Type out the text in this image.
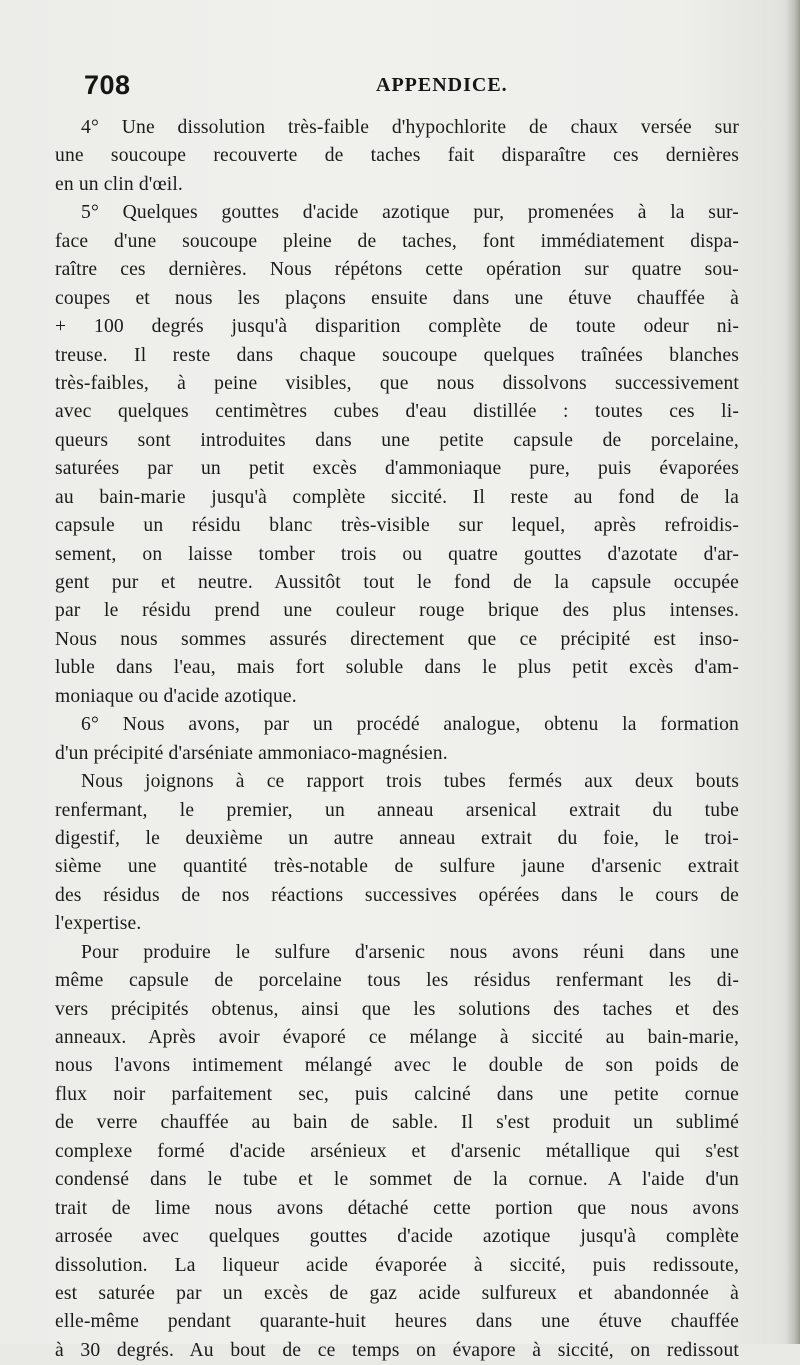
708	APPENDICE.
4° Une dissolution très-faible d'hypochlorite de chaux versée sur
une soucoupe recouverte de taches fait disparaître ces dernières
en un clin d'œil.
5° Quelques gouttes d'acide azotique pur, promenées à la sur-
face d'une soucoupe pleine de taches, font immédiatement dispa-
raître ces dernières. Nous répétons cette opération sur quatre sou-
coupes et nous les plaçons ensuite dans une étuve chauffée à
+ 100 degrés jusqu'à disparition complète de toute odeur ni-
treuse. Il reste dans chaque soucoupe quelques traînées blanches
très-faibles, à peine visibles, que nous dissolvons successivement
avec quelques centimètres cubes d'eau distillée : toutes ces li-
queurs sont introduites dans une petite capsule de porcelaine,
saturées par un petit excès d'ammoniaque pure, puis évaporées
au bain-marie jusqu'à complète siccité. Il reste au fond de la
capsule un résidu blanc très-visible sur lequel, après refroidis-
sement, on laisse tomber trois ou quatre gouttes d'azotate d'ar-
gent pur et neutre. Aussitôt tout le fond de la capsule occupée
par le résidu prend une couleur rouge brique des plus intenses.
Nous nous sommes assurés directement que ce précipité est inso-
luble dans l'eau, mais fort soluble dans le plus petit excès d'am-
moniaque ou d'acide azotique.
6° Nous avons, par un procédé analogue, obtenu la formation
d'un précipité d'arséniate ammoniaco-magnésien.
Nous joignons à ce rapport trois tubes fermés aux deux bouts
renfermant, le premier, un anneau arsenical extrait du tube
digestif, le deuxième un autre anneau extrait du foie, le troi-
sième une quantité très-notable de sulfure jaune d'arsenic extrait
des résidus de nos réactions successives opérées dans le cours de
l'expertise.
Pour produire le sulfure d'arsenic nous avons réuni dans une
même capsule de porcelaine tous les résidus renfermant les di-
vers précipités obtenus, ainsi que les solutions des taches et des
anneaux. Après avoir évaporé ce mélange à siccité au bain-marie,
nous l'avons intimement mélangé avec le double de son poids de
flux noir parfaitement sec, puis calciné dans une petite cornue
de verre chauffée au bain de sable. Il s'est produit un sublimé
complexe formé d'acide arsénieux et d'arsenic métallique qui s'est
condensé dans le tube et le sommet de la cornue. A l'aide d'un
trait de lime nous avons détaché cette portion que nous avons
arrosée avec quelques gouttes d'acide azotique jusqu'à complète
dissolution. La liqueur acide évaporée à siccité, puis redissoute,
est saturée par un excès de gaz acide sulfureux et abandonnée à
elle-même pendant quarante-huit heures dans une étuve chauffée
à 30 degrés. Au bout de ce temps on évapore à siccité, on redissout
